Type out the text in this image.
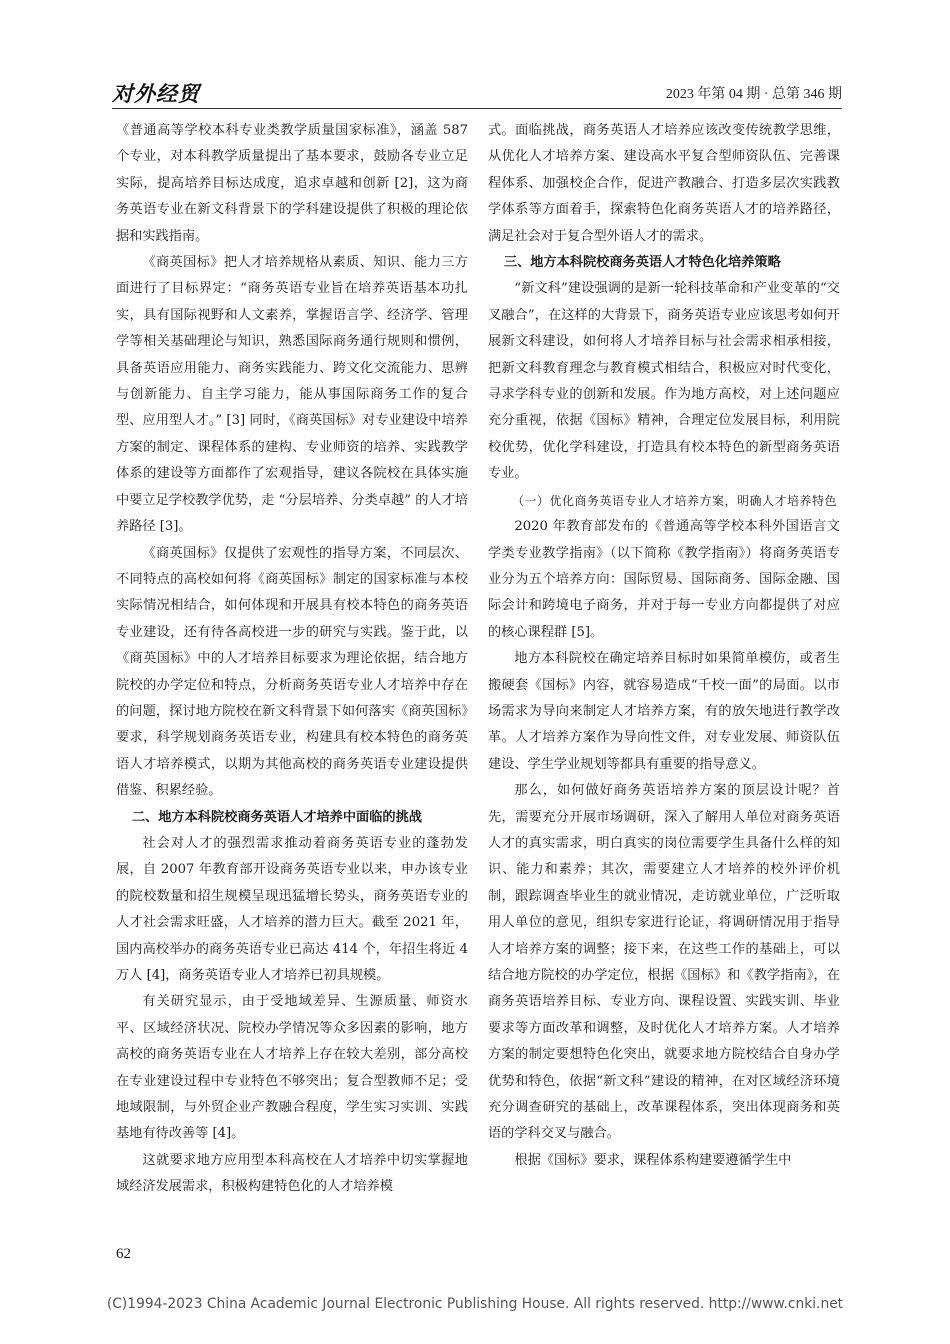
对外经贸	2023 年第 04 期 · 总第 346 期

《普通高等学校本科专业类教学质量国家标准》，涵盖 587 个专业，对本科教学质量提出了基本要求，鼓励各专业立足实际，提高培养目标达成度，追求卓越和创新 [2]，这为商务英语专业在新文科背景下的学科建设提供了积极的理论依据和实践指南。

《商英国标》把人才培养规格从素质、知识、能力三方面进行了目标界定：“商务英语专业旨在培养英语基本功扎实，具有国际视野和人文素养，掌握语言学、经济学、管理学等相关基础理论与知识，熟悉国际商务通行规则和惯例，具备英语应用能力、商务实践能力、跨文化交流能力、思辨与创新能力、自主学习能力，能从事国际商务工作的复合型、应用型人才。” [3] 同时，《商英国标》对专业建设中培养方案的制定、课程体系的建构、专业师资的培养、实践教学体系的建设等方面都作了宏观指导，建议各院校在具体实施中要立足学校教学优势，走 “分层培养、分类卓越” 的人才培养路径 [3]。

《商英国标》仅提供了宏观性的指导方案，不同层次、不同特点的高校如何将《商英国标》制定的国家标准与本校实际情况相结合，如何体现和开展具有校本特色的商务英语专业建设，还有待各高校进一步的研究与实践。鉴于此，以《商英国标》中的人才培养目标要求为理论依据，结合地方院校的办学定位和特点，分析商务英语专业人才培养中存在的问题，探讨地方院校在新文科背景下如何落实《商英国标》要求，科学规划商务英语专业，构建具有校本特色的商务英语人才培养模式，以期为其他高校的商务英语专业建设提供借鉴、积累经验。

二、地方本科院校商务英语人才培养中面临的挑战

社会对人才的强烈需求推动着商务英语专业的蓬勃发展，自 2007 年教育部开设商务英语专业以来，申办该专业的院校数量和招生规模呈现迅猛增长势头，商务英语专业的人才社会需求旺盛，人才培养的潜力巨大。截至 2021 年，国内高校举办的商务英语专业已高达 414 个，年招生将近 4 万人 [4]，商务英语专业人才培养已初具规模。

有关研究显示，由于受地域差异、生源质量、师资水平、区域经济状况、院校办学情况等众多因素的影响，地方高校的商务英语专业在人才培养上存在较大差别，部分高校在专业建设过程中专业特色不够突出；复合型教师不足；受地域限制，与外贸企业产教融合程度，学生实习实训、实践基地有待改善等 [4]。

这就要求地方应用型本科高校在人才培养中切实掌握地域经济发展需求，积极构建特色化的人才培养模

式。面临挑战，商务英语人才培养应该改变传统教学思维，从优化人才培养方案、建设高水平复合型师资队伍、完善课程体系、加强校企合作，促进产教融合、打造多层次实践教学体系等方面着手，探索特色化商务英语人才的培养路径，满足社会对于复合型外语人才的需求。

三、地方本科院校商务英语人才特色化培养策略

“新文科”建设强调的是新一轮科技革命和产业变革的“交叉融合”，在这样的大背景下，商务英语专业应该思考如何开展新文科建设，如何将人才培养目标与社会需求相承相接，把新文科教育理念与教育模式相结合，积极应对时代变化，寻求学科专业的创新和发展。作为地方高校，对上述问题应充分重视，依据《国标》精神，合理定位发展目标，利用院校优势，优化学科建设，打造具有校本特色的新型商务英语专业。

（一）优化商务英语专业人才培养方案，明确人才培养特色

2020 年教育部发布的《普通高等学校本科外国语言文学类专业教学指南》（以下简称《教学指南》）将商务英语专业分为五个培养方向：国际贸易、国际商务、国际金融、国际会计和跨境电子商务，并对于每一专业方向都提供了对应的核心课程群 [5]。

地方本科院校在确定培养目标时如果简单模仿，或者生搬硬套《国标》内容，就容易造成“千校一面”的局面。以市场需求为导向来制定人才培养方案，有的放矢地进行教学改革。人才培养方案作为导向性文件，对专业发展、师资队伍建设、学生学业规划等都具有重要的指导意义。

那么，如何做好商务英语培养方案的顶层设计呢？首先，需要充分开展市场调研，深入了解用人单位对商务英语人才的真实需求，明白真实的岗位需要学生具备什么样的知识、能力和素养；其次，需要建立人才培养的校外评价机制，跟踪调查毕业生的就业情况，走访就业单位，广泛听取用人单位的意见，组织专家进行论证，将调研情况用于指导人才培养方案的调整；接下来，在这些工作的基础上，可以结合地方院校的办学定位，根据《国标》和《教学指南》，在商务英语培养目标、专业方向、课程设置、实践实训、毕业要求等方面改革和调整，及时优化人才培养方案。人才培养方案的制定要想特色化突出，就要求地方院校结合自身办学优势和特色，依据“新文科”建设的精神，在对区域经济环境充分调查研究的基础上，改革课程体系，突出体现商务和英语的学科交叉与融合。

根据《国标》要求，课程体系构建要遵循学生中

62
(C)1994-2023 China Academic Journal Electronic Publishing House. All rights reserved. http://www.cnki.net
